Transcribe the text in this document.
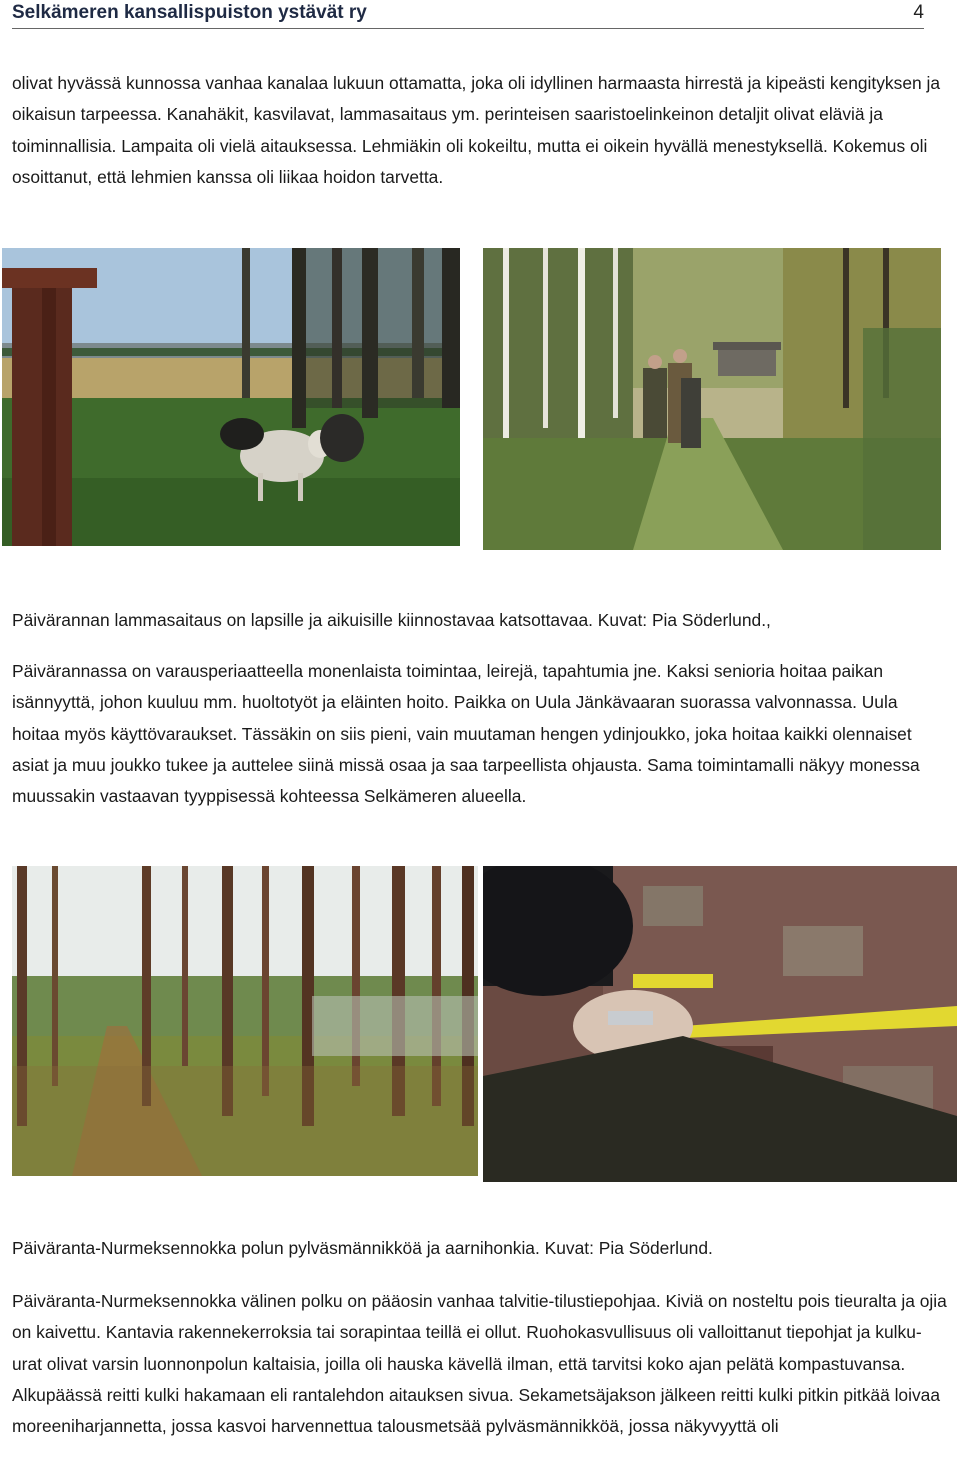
Selkämeren kansallispuiston ystävät ry	4

olivat hyvässä kunnossa vanhaa kanalaa lukuun ottamatta, joka oli idyllinen harmaasta hirrestä ja kipeästi kengityksen ja oikaisun tarpeessa. Kanahäkit, kasvilavat, lammasaitaus ym. perinteisen saaristoelinkeinon detaljit olivat eläviä ja toiminnallisia. Lampaita oli vielä aitauksessa. Lehmiäkin oli kokeiltu, mutta ei oikein hyvällä menestyksellä. Kokemus oli osoittanut, että lehmien kanssa oli liikaa hoidon tarvetta.

Päivärannan lammasaitaus on lapsille ja aikuisille kiinnostavaa katsottavaa. Kuvat: Pia Söderlund.,

Päivärannassa on varausperiaatteella monenlaista toimintaa, leirejä, tapahtumia jne. Kaksi senioria hoitaa paikan isännyyttä, johon kuuluu mm. huoltotyöt ja eläinten hoito. Paikka on Uula Jänkävaaran suorassa valvonnassa. Uula hoitaa myös käyttövaraukset. Tässäkin on siis pieni, vain muutaman hengen ydinjoukko, joka hoitaa kaikki olennaiset asiat ja muu joukko tukee ja auttelee siinä missä osaa ja saa tarpeellista ohjausta. Sama toimintamalli näkyy monessa muussakin vastaavan tyyppisessä kohteessa Selkämeren alueella.

Päiväranta-Nurmeksennokka polun pylväsmännikköä ja aarnihonkia. Kuvat: Pia Söderlund.

Päiväranta-Nurmeksennokka välinen polku on pääosin vanhaa talvitie-tilustiepohjaa. Kiviä on nosteltu pois tieuralta ja ojia on kaivettu. Kantavia rakennekerroksia tai sorapintaa teillä ei ollut. Ruohokasvullisuus oli valloittanut tiepohjat ja kulku-urat olivat varsin luonnonpolun kaltaisia, joilla oli hauska kävellä ilman, että tarvitsi koko ajan pelätä kompastuvansa. Alkupäässä reitti kulki hakamaan eli rantalehdon aitauksen sivua. Sekametsäjakson jälkeen reitti kulki pitkin pitkää loivaa moreeniharjannetta, jossa kasvoi harvennettua talousmetsää pylväsmännikköä, jossa näkyvyyttä oli
